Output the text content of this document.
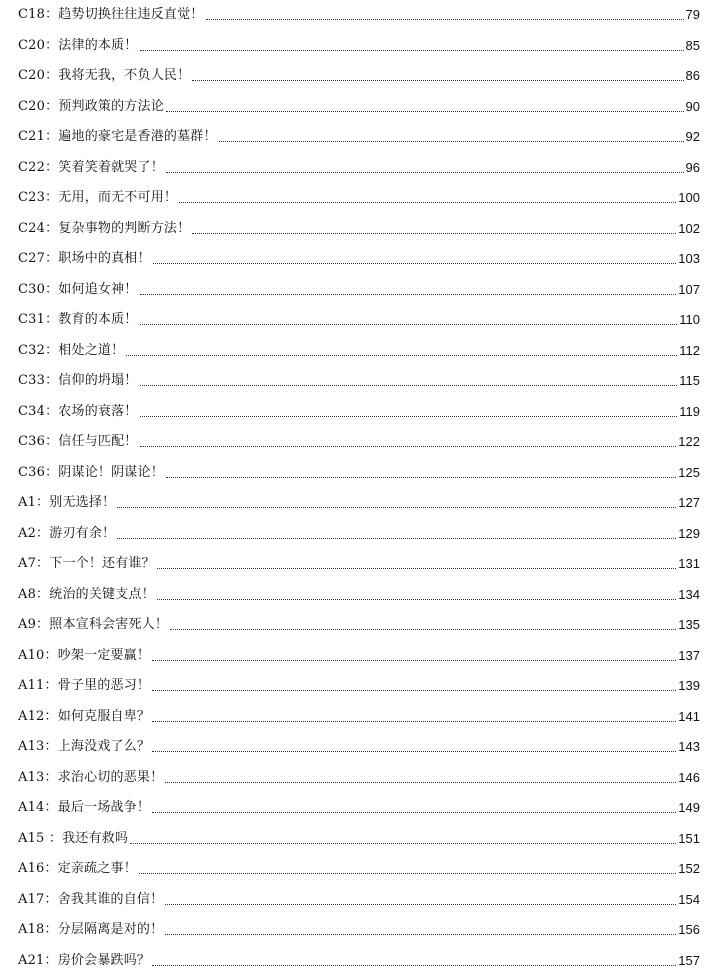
C18：趋势切换往往违反直觉！	79
C20：法律的本质！	85
C20：我将无我，不负人民！	86
C20：预判政策的方法论	90
C21：遍地的豪宅是香港的墓群！	92
C22：笑着笑着就哭了！	96
C23：无用，而无不可用！	100
C24：复杂事物的判断方法！	102
C27：职场中的真相！	103
C30：如何追女神！	107
C31：教育的本质！	110
C32：相处之道！	112
C33：信仰的坍塌！	115
C34：农场的衰落！	119
C36：信任与匹配！	122
C36：阴谋论！阴谋论！	125
A1：别无选择！	127
A2：游刃有余！	129
A7：下一个！还有谁？	131
A8：统治的关键支点！	134
A9：照本宣科会害死人！	135
A10：吵架一定要赢！	137
A11：骨子里的恶习！	139
A12：如何克服自卑？	141
A13：上海没戏了么？	143
A13：求治心切的恶果！	146
A14：最后一场战争！	149
A15 ：我还有救吗	151
A16：定亲疏之事！	152
A17：舍我其谁的自信！	154
A18：分层隔离是对的！	156
A21：房价会暴跌吗？	157
